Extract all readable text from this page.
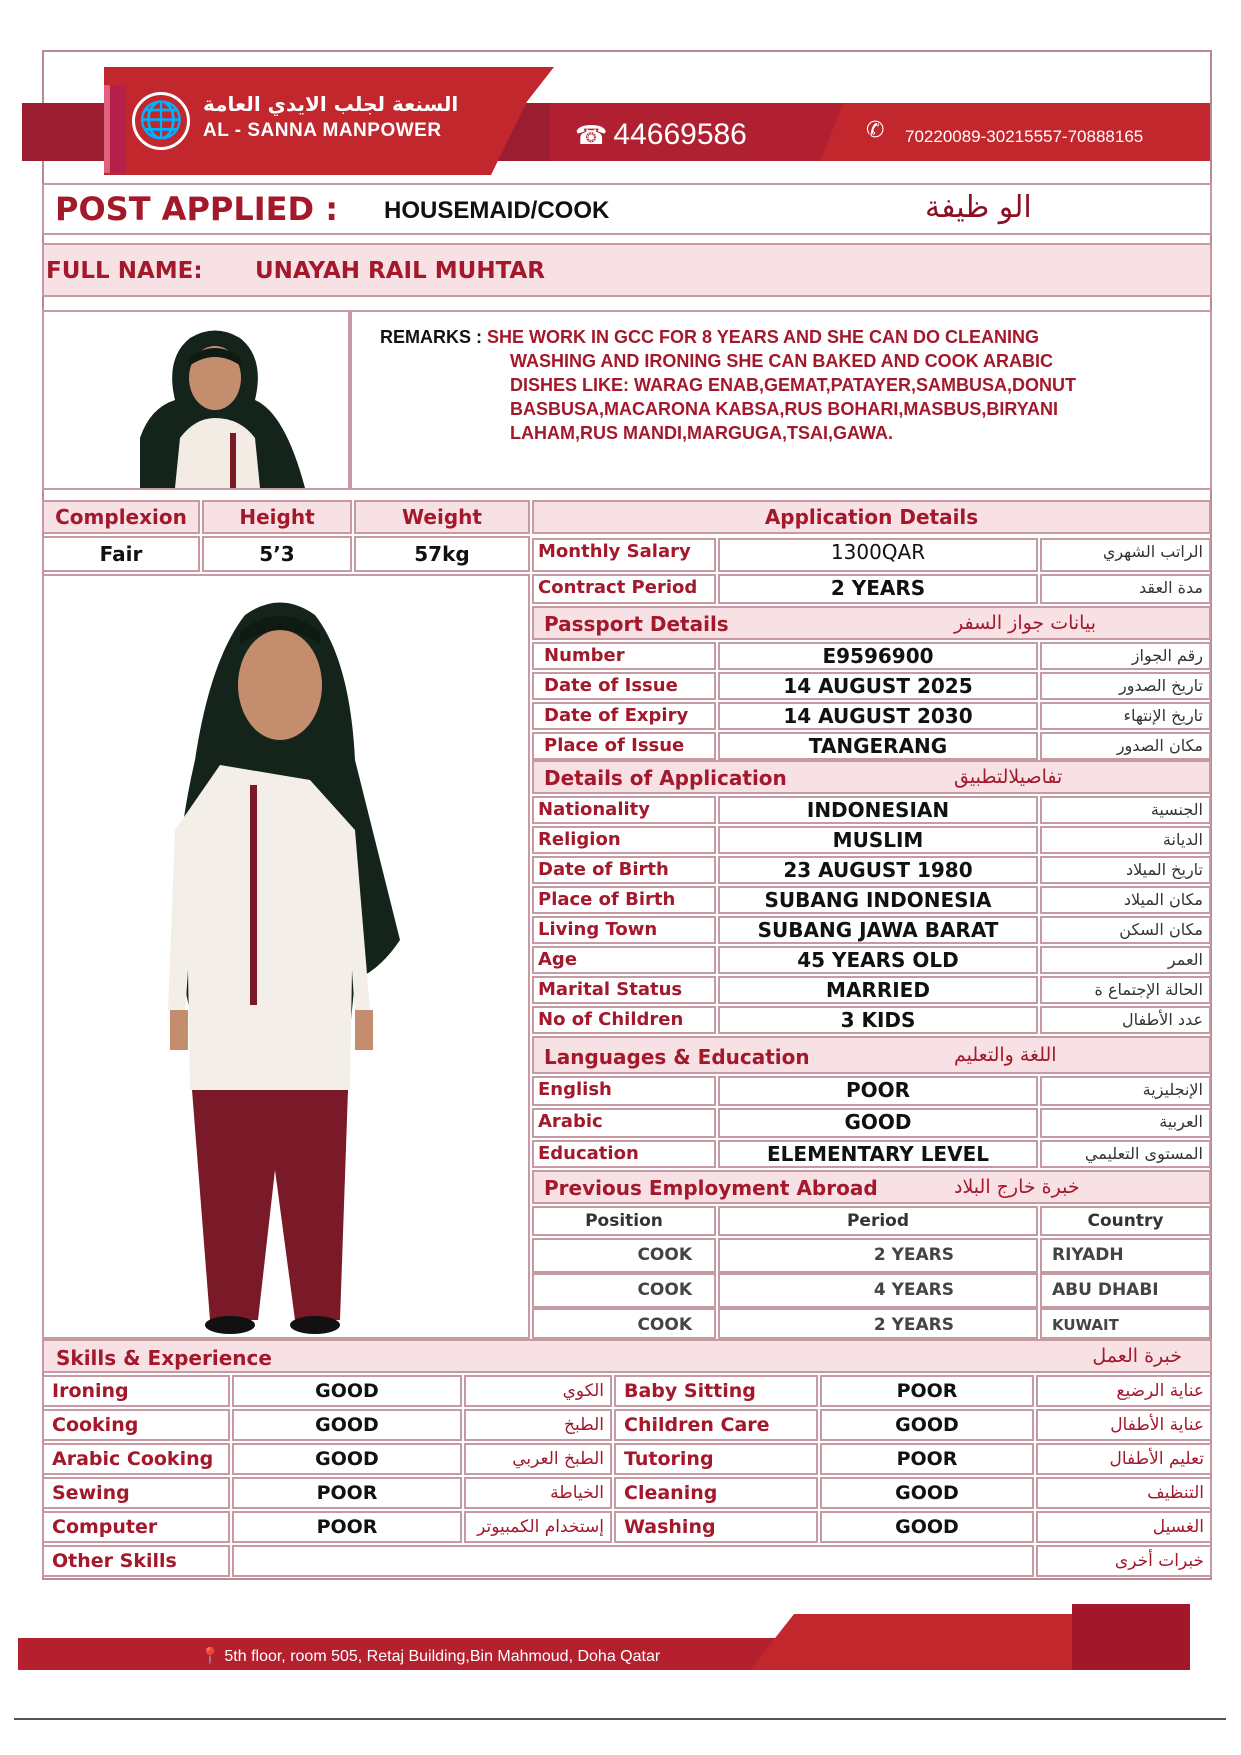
🌐 السنعة لجلب الايدي العامة
AL - SANNA MANPOWER	☎ 44669586	✆ 70220089-30215557-70888165
POST APPLIED : HOUSEMAID/COOK	الو ظيفة
FULL NAME: UNAYAH RAIL MUHTAR
REMARKS : SHE WORK IN GCC FOR 8 YEARS AND SHE CAN DO CLEANING
WASHING AND IRONING SHE CAN BAKED AND COOK ARABIC
DISHES LIKE: WARAG ENAB,GEMAT,PATAYER,SAMBUSA,DONUT
BASBUSA,MACARONA KABSA,RUS BOHARI,MASBUS,BIRYANI
LAHAM,RUS MANDI,MARGUGA,TSAI,GAWA.
Complexion	Height	Weight
Fair	5’3	57kg
Application Details
Monthly Salary	1300QAR	الراتب الشهري
Contract Period	2 YEARS	مدة العقد
Passport Details	بيانات جواز السفر
Number	E9596900	رقم الجواز
Date of Issue	14 AUGUST 2025	تاريخ الصدور
Date of Expiry	14 AUGUST 2030	تاريخ الإنتهاء
Place of Issue	TANGERANG	مكان الصدور
Details of Application	تفاصيلالتطبيق
Nationality	INDONESIAN	الجنسية
Religion	MUSLIM	الديانة
Date of Birth	23 AUGUST 1980	تاريخ الميلاد
Place of Birth	SUBANG INDONESIA	مكان الميلاد
Living Town	SUBANG JAWA BARAT	مكان السكن
Age	45 YEARS OLD	العمر
Marital Status	MARRIED	الحالة الإجتماع ة
No of Children	3 KIDS	عدد الأطفال
Languages & Education	اللغة والتعليم
English	POOR	الإنجليزية
Arabic	GOOD	العربية
Education	ELEMENTARY LEVEL	المستوى التعليمي
Previous Employment Abroad	خبرة خارج البلاد
Position	Period	Country
COOK	2 YEARS	RIYADH
COOK	4 YEARS	ABU DHABI
COOK	2 YEARS	KUWAIT
Skills & Experience	خبرة العمل
Ironing	GOOD	الكوي	Baby Sitting	POOR	عناية الرضيع
Cooking	GOOD	الطبخ	Children Care	GOOD	عناية الأطفال
Arabic Cooking	GOOD	الطبخ العربي	Tutoring	POOR	تعليم الأطفال
Sewing	POOR	الخياطة	Cleaning	GOOD	التنظيف
Computer	POOR	إستخدام الكمبيوتر	Washing	GOOD	الغسيل
Other Skills	خبرات أخرى
📍 5th floor, room 505, Retaj Building,Bin Mahmoud, Doha Qatar
